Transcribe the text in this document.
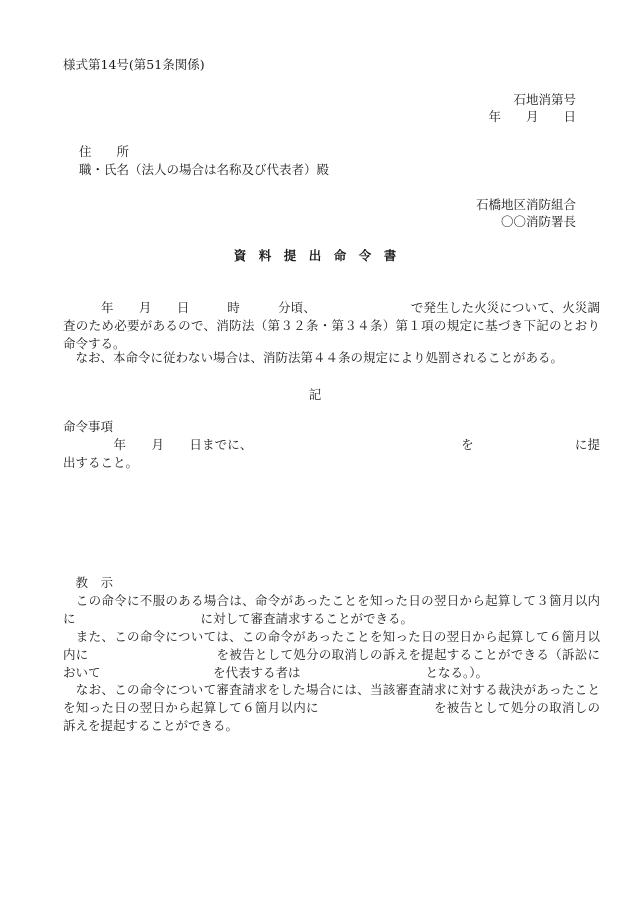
様式第14号(第51条関係)

石地消第号

年　　月　　日

住　　所

職・氏名（法人の場合は名称及び代表者）殿

石橋地区消防組合

〇〇消防署長

資　料　提　出　命　令　書

　　　年　　月　　日　　　時　　　分頃、　　　　　　　　で発生した火災について、火災調査のため必要があるので、消防法（第３２条・第３４条）第１項の規定に基づき下記のとおり命令する。

　なお、本命令に従わない場合は、消防法第４４条の規定により処罰されることがある。

記

命令事項

　　　　年　　月　　日までに、　　　　　　　　　　　　　　　　　を　　　　　　　　に提出すること。

　教　示

　この命令に不服のある場合は、命令があったことを知った日の翌日から起算して３箇月以内に　　　　　　　　　　に対して審査請求することができる。

　また、この命令については、この命令があったことを知った日の翌日から起算して６箇月以内に　　　　　　　　　　を被告として処分の取消しの訴えを提起することができる（訴訟において　　　　　　　　　を代表する者は　　　　　　　　　　となる。）。

　なお、この命令について審査請求をした場合には、当該審査請求に対する裁決があったことを知った日の翌日から起算して６箇月以内に　　　　　　　　　を被告として処分の取消しの訴えを提起することができる。
